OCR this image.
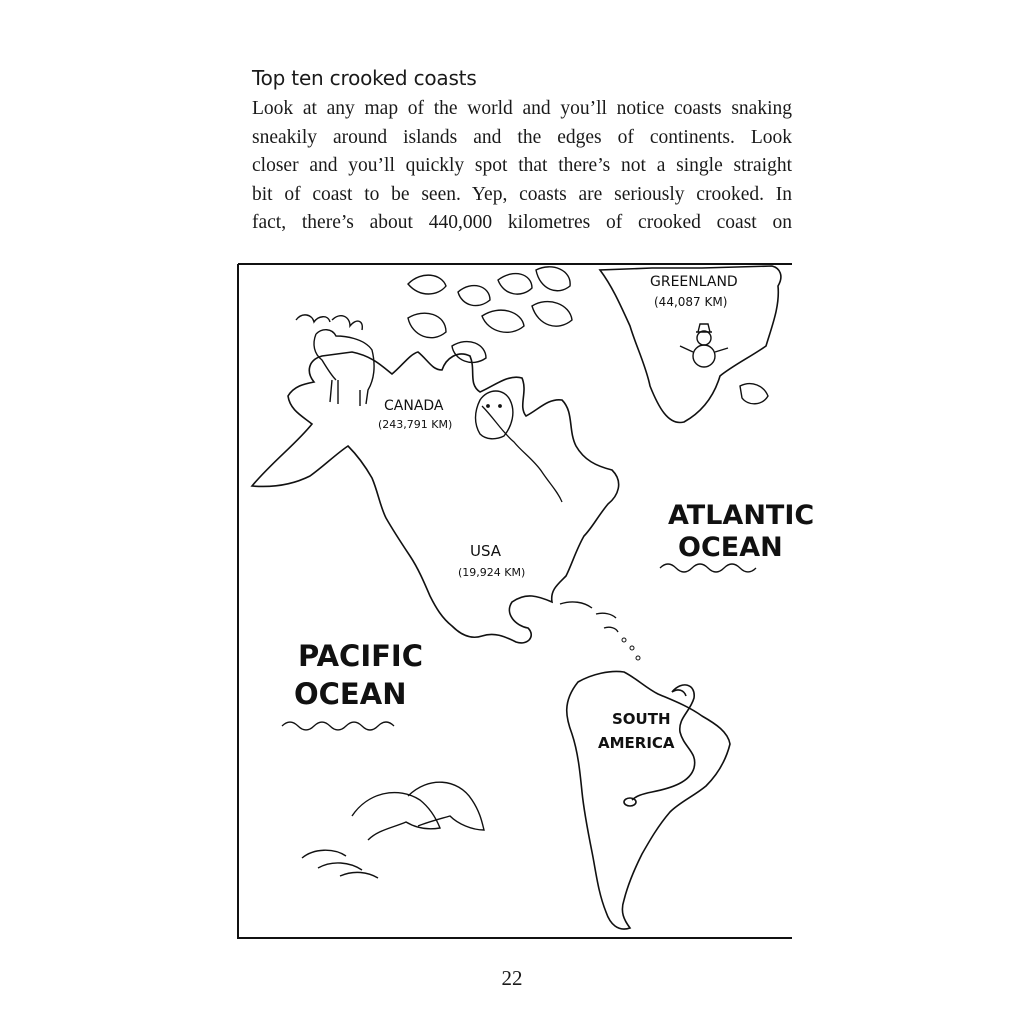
Top ten crooked coasts
Look at any map of the world and you’ll notice coasts snaking
sneakily around islands and the edges of continents. Look
closer and you’ll quickly spot that there’s not a single straight
bit of coast to be seen. Yep, coasts are seriously crooked. In
fact, there’s about 440,000 kilometres of crooked coast on
GREENLAND
(44,087 KM)
CANADA
(243,791 KM)
USA
(19,924 KM)
ATLANTIC
OCEAN
PACIFIC
OCEAN
SOUTH
AMERICA
22
